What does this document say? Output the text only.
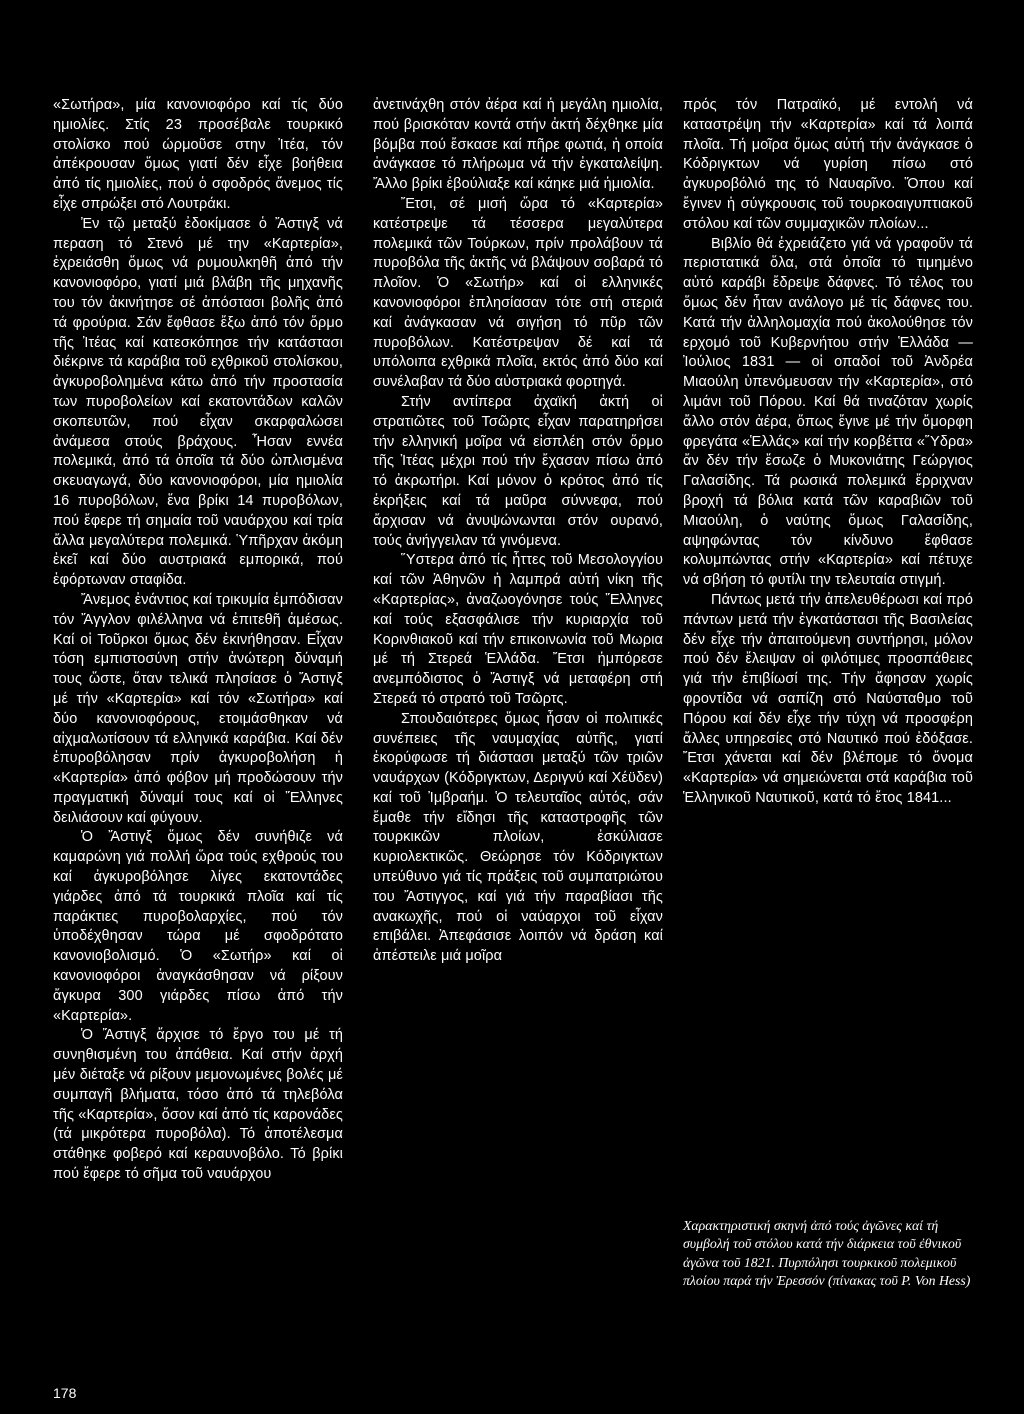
«Σωτήρα», μία κανονιοφόρο καί τίς δύο ημιολίες. Στίς 23 προσέβαλε τουρκικό στολίσκο πού ώρμοῦσε στην Ἰτέα, τόν ἀπέκρουσαν ὅμως γιατί δέν εἶχε βοήθεια ἀπό τίς ημιολίες, πού ὁ σφοδρός ἄνεμος τίς εἶχε σπρώξει στό Λουτράκι.

Ἐν τῷ μεταξύ ἐδοκίμασε ὁ Ἄστιγξ νά περαση τό Στενό μέ την «Καρτερία», ἐχρειάσθη ὅμως νά ρυμουλκηθῆ ἀπό τήν κανονιοφόρο, γιατί μιά βλάβη τῆς μηχανῆς του τόν ἀκινήτησε σέ ἀπόστασι βολῆς ἀπό τά φρούρια. Σάν ἔφθασε ἔξω ἀπό τόν ὅρμο τῆς Ἰτέας καί κατεσκόπησε τήν κατάστασι διέκρινε τά καράβια τοῦ εχθρικοῦ στολίσκου, ἀγκυροβολημένα κάτω ἀπό τήν προστασία των πυροβολείων καί εκατοντάδων καλῶν σκοπευτῶν, πού εἶχαν σκαρφαλώσει ἀνάμεσα στούς βράχους. Ἦσαν εννέα πολεμικά, ἀπό τά ὁποῖα τά δύο ὡπλισμένα σκευαγωγά, δύο κανονιοφόροι, μία ημιολία 16 πυροβόλων, ἕνα βρίκι 14 πυροβόλων, πού ἔφερε τή σημαία τοῦ ναυάρχου καί τρία ἄλλα μεγαλύτερα πολεμικά. Ὑπῆρχαν ἀκόμη ἐκεῖ καί δύο αυστριακά εμπορικά, πού ἐφόρτωναν σταφίδα.

Ἄνεμος ἐνάντιος καί τρικυμία ἐμπόδισαν τόν Ἄγγλον φιλέλληνα νά ἐπιτεθῆ ἀμέσως. Καί οἱ Τοῦρκοι ὅμως δέν ἐκινήθησαν. Εἶχαν τόση εμπιστοσύνη στήν ἀνώτερη δύναμή τους ὥστε, ὅταν τελικά πλησίασε ὁ Ἄστιγξ μέ τήν «Καρτερία» καί τόν «Σωτήρα» καί δύο κανονιοφόρους, ετοιμάσθηκαν νά αἰχμαλωτίσουν τά ελληνικά καράβια. Καί δέν ἐπυροβόλησαν πρίν ἀγκυροβολήση ἡ «Καρτερία» ἀπό φόβον μή προδώσουν τήν πραγματική δύναμί τους καί οἱ Ἕλληνες δειλιάσουν καί φύγουν.

Ὁ Ἄστιγξ ὅμως δέν συνήθιζε νά καμαρώνη γιά πολλή ὥρα τούς εχθρούς του καί ἀγκυροβόλησε λίγες εκατοντάδες γιάρδες ἀπό τά τουρκικά πλοῖα καί τίς παράκτιες πυροβολαρχίες, πού τόν ὑποδέχθησαν τώρα μέ σφοδρότατο κανονιοβολισμό. Ὁ «Σωτήρ» καί οἱ κανονιοφόροι ἀναγκάσθησαν νά ρίξουν ἄγκυρα 300 γιάρδες πίσω ἀπό τήν «Καρτερία».

Ὁ Ἄστιγξ ἄρχισε τό ἔργο του μέ τή συνηθισμένη του ἀπάθεια. Καί στήν ἀρχή μέν διέταξε νά ρίξουν μεμονωμένες βολές μέ συμπαγῆ βλήματα, τόσο ἀπό τά τηλεβόλα τῆς «Καρτερία», ὅσον καί ἀπό τίς καρονάδες (τά μικρότερα πυροβόλα). Τό ἀποτέλεσμα στάθηκε φοβερό καί κεραυνοβόλο. Τό βρίκι πού ἔφερε τό σῆμα τοῦ ναυάρχου

ἀνετινάχθη στόν ἀέρα καί ἡ μεγάλη ημιολία, πού βρισκόταν κοντά στήν ἀκτή δέχθηκε μία βόμβα πού ἔσκασε καί πῆρε φωτιά, ἡ οποία ἀνάγκασε τό πλήρωμα νά τήν ἐγκαταλείψη. Ἄλλο βρίκι ἐβούλιαξε καί κάηκε μιά ἡμιολία.

Ἔτσι, σέ μισή ὥρα τό «Καρτερία» κατέστρεψε τά τέσσερα μεγαλύτερα πολεμικά τῶν Τούρκων, πρίν προλάβουν τά πυροβόλα τῆς ἀκτῆς νά βλάψουν σοβαρά τό πλοῖον. Ὁ «Σωτήρ» καί οἱ ελληνικές κανονιοφόροι ἐπλησίασαν τότε στή στεριά καί ἀνάγκασαν νά σιγήση τό πῦρ τῶν πυροβόλων. Κατέστρεψαν δέ καί τά υπόλοιπα εχθρικά πλοῖα, εκτός ἀπό δύο καί συνέλαβαν τά δύο αὐστριακά φορτηγά.

Στήν αντίπερα ἀχαϊκή ἀκτή οἱ στρατιῶτες τοῦ Τσῶρτς εἶχαν παρατηρήσει τήν ελληνική μοῖρα νά εἰσπλέη στόν ὅρμο τῆς Ἰτέας μέχρι πού τήν ἔχασαν πίσω ἀπό τό ἀκρωτήρι. Καί μόνον ὁ κρότος ἀπό τίς ἐκρήξεις καί τά μαῦρα σύννεφα, πού ἄρχισαν νά ἀνυψώνωνται στόν ουρανό, τούς ἀνήγγειλαν τά γινόμενα.

Ὕστερα ἀπό τίς ἧττες τοῦ Μεσολογγίου καί τῶν Ἀθηνῶν ἡ λαμπρά αὐτή νίκη τῆς «Καρτερίας», ἀναζωογόνησε τούς Ἕλληνες καί τούς εξασφάλισε τήν κυριαρχία τοῦ Κορινθιακοῦ καί τήν επικοινωνία τοῦ Μωρια μέ τή Στερεά Ἑλλάδα. Ἔτσι ἠμπόρεσε ανεμπόδιστος ὁ Ἄστιγξ νά μεταφέρη στή Στερεά τό στρατό τοῦ Τσῶρτς.

Σπουδαιότερες ὅμως ἦσαν οἱ πολιτικές συνέπειες τῆς ναυμαχίας αὐτῆς, γιατί ἐκορύφωσε τή διάστασι μεταξύ τῶν τριῶν ναυάρχων (Κόδριγκτων, Δεριγνύ καί Χέϋδεν) καί τοῦ Ἰμβραήμ. Ὁ τελευταῖος αὐτός, σάν ἔμαθε τήν εἴδησι τῆς καταστροφῆς τῶν τουρκικῶν πλοίων, ἐσκύλιασε κυριολεκτικῶς. Θεώρησε τόν Κόδριγκτων υπεύθυνο γιά τίς πράξεις τοῦ συμπατριώτου του Ἄστιγγος, καί γιά τήν παραβίασι τῆς ανακωχῆς, πού οἱ ναύαρχοι τοῦ εἶχαν επιβάλει. Ἀπεφάσισε λοιπόν νά δράση καί ἀπέστειλε μιά μοῖρα

πρός τόν Πατραϊκό, μέ εντολή νά καταστρέψη τήν «Καρτερία» καί τά λοιπά πλοῖα. Τή μοῖρα ὅμως αὐτή τήν ἀνάγκασε ὁ Κόδριγκτων νά γυρίση πίσω στό ἀγκυροβόλιό της τό Ναυαρῖνο. Ὅπου καί ἔγινεν ἡ σύγκρουσις τοῦ τουρκοαιγυπτιακοῦ στόλου καί τῶν συμμαχικῶν πλοίων...

Βιβλίο θά ἐχρειάζετο γιά νά γραφοῦν τά περιστατικά ὅλα, στά ὁποῖα τό τιμημένο αὐτό καράβι ἔδρεψε δάφνες. Τό τέλος του ὅμως δέν ἦταν ανάλογο μέ τίς δάφνες του. Κατά τήν ἀλληλομαχία πού ἀκολούθησε τόν ερχομό τοῦ Κυβερνήτου στήν Ἑλλάδα — Ἰούλιος 1831 — οἱ οπαδοί τοῦ Ἀνδρέα Μιαούλη ὑπενόμευσαν τήν «Καρτερία», στό λιμάνι τοῦ Πόρου. Καί θά τιναζόταν χωρίς ἄλλο στόν ἀέρα, ὅπως ἔγινε μέ τήν ὄμορφη φρεγάτα «Ἑλλάς» καί τήν κορβέττα «Ὕδρα» ἄν δέν τήν ἔσωζε ὁ Μυκονιάτης Γεώργιος Γαλασίδης. Τά ρωσικά πολεμικά ἔρριχναν βροχή τά βόλια κατά τῶν καραβιῶν τοῦ Μιαούλη, ὁ ναύτης ὅμως Γαλασίδης, αψηφώντας τόν κίνδυνο ἔφθασε κολυμπώντας στήν «Καρτερία» καί πέτυχε νά σβήση τό φυτίλι την τελευταία στιγμή.

Πάντως μετά τήν ἀπελευθέρωσι καί πρό πάντων μετά τήν ἐγκατάστασι τῆς Βασιλείας δέν εἶχε τήν ἀπαιτούμενη συντήρησι, μόλον πού δέν ἔλειψαν οἱ φιλότιμες προσπάθειες γιά τήν ἐπιβίωσί της. Τήν ἄφησαν χωρίς φροντίδα νά σαπίζη στό Ναύσταθμο τοῦ Πόρου καί δέν εἶχε τήν τύχη νά προσφέρη ἄλλες υπηρεσίες στό Ναυτικό πού ἐδόξασε. Ἔτσι χάνεται καί δέν βλέπομε τό ὄνομα «Καρτερία» νά σημειώνεται στά καράβια τοῦ Ἑλληνικοῦ Ναυτικοῦ, κατά τό ἔτος 1841...

Χαρακτηριστική σκηνή ἀπό τούς ἀγῶνες καί τή συμβολή τοῦ στόλου κατά τήν διάρκεια τοῦ ἐθνικοῦ ἀγῶνα τοῦ 1821. Πυρπόλησι τουρκικοῦ πολεμικοῦ πλοίου παρά τήν Ἐρεσσόν (πίνακας τοῦ P. Von Hess)
178
